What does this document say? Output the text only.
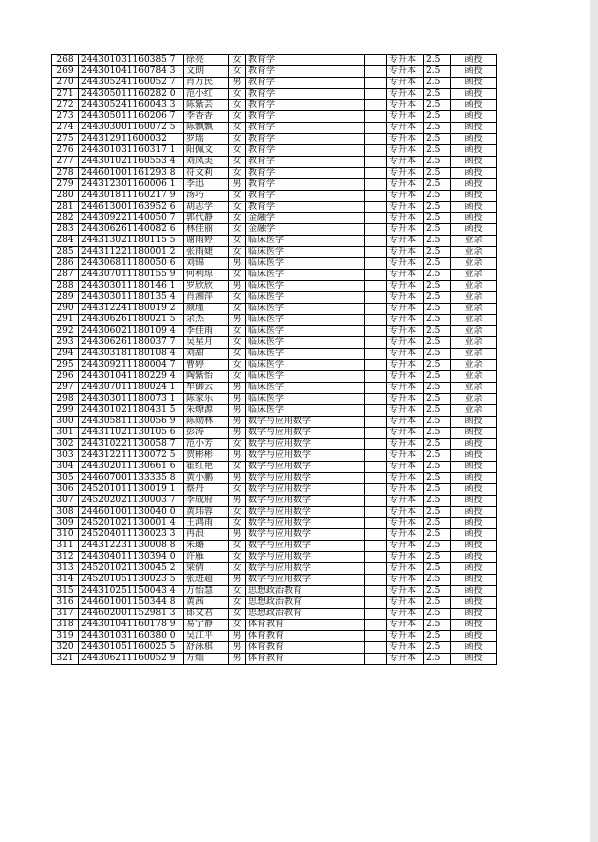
268	244301031160385 7	徐亮	女	教育学		专升本	2.5	函授
269	244301041160784 3	文朗	女	教育学		专升本	2.5	函授
270	244305241160052 7	肖万民	男	教育学		专升本	2.5	函授
271	244305011160282 0	范小红	女	教育学		专升本	2.5	函授
272	244305241160043 3	陈紫芸	女	教育学		专升本	2.5	函授
273	244305011160206 7	李香香	女	教育学		专升本	2.5	函授
274	244303001160072 5	陈飘飘	女	教育学		专升本	2.5	函授
275	244312911600032	罗瑶	女	教育学		专升本	2.5	函授
276	244301031160317 1	阳佩文	女	教育学		专升本	2.5	函授
277	244301021160553 4	刘凤美	女	教育学		专升本	2.5	函授
278	244601001161293 8	符文莉	女	教育学		专升本	2.5	函授
279	244312301160006 1	李迅	男	教育学		专升本	2.5	函授
280	244301811160217 9	汤巧	女	教育学		专升本	2.5	函授
281	244613001163952 6	胡志学	女	教育学		专升本	2.5	函授
282	244309221140050 7	郭代静	女	金融学		专升本	2.5	函授
283	244306261140082 6	林佳丽	女	金融学		专升本	2.5	函授
284	244313021180115 5	谢雨婷	女	临床医学		专升本	2.5	业余
285	244311221180001 2	张雨婕	女	临床医学		专升本	2.5	业余
286	244306811180050 6	刘锦	男	临床医学		专升本	2.5	业余
287	244307011180155 9	何利琼	女	临床医学		专升本	2.5	业余
288	244303011180146 1	罗欣欣	男	临床医学		专升本	2.5	业余
289	244303011180135 4	肖湘萍	女	临床医学		专升本	2.5	业余
290	244312241180019 2	颜瑾	女	临床医学		专升本	2.5	业余
291	244306261180021 5	余杰	男	临床医学		专升本	2.5	业余
292	244306021180109 4	李佳雨	女	临床医学		专升本	2.5	业余
293	244306261180037 7	吴星月	女	临床医学		专升本	2.5	业余
294	244303181180108 4	刘甜	女	临床医学		专升本	2.5	业余
295	244309211180004 7	曹婷	女	临床医学		专升本	2.5	业余
296	244301041180229 4	陶紫怡	女	临床医学		专升本	2.5	业余
297	244307011180024 1	牟御云	男	临床医学		专升本	2.5	业余
298	244303011180073 1	陈家乐	男	临床医学		专升本	2.5	业余
299	244301021180431 5	朱燎源	男	临床医学		专升本	2.5	业余
300	244305811130056 9	陈勋林	男	数学与应用数学		专升本	2.5	函授
301	244311021130105 6	彭涛	男	数学与应用数学		专升本	2.5	函授
302	244310221130058 7	范小芳	女	数学与应用数学		专升本	2.5	函授
303	244312211130072 5	贺彬彬	男	数学与应用数学		专升本	2.5	函授
304	244302011130661 6	霍红艳	女	数学与应用数学		专升本	2.5	函授
305	244607001133335 8	黄小鹏	男	数学与应用数学		专升本	2.5	函授
306	245201011130019 1	蔡丹	女	数学与应用数学		专升本	2.5	函授
307	245202021130003 7	李成府	男	数学与应用数学		专升本	2.5	函授
308	244601001130040 0	黄玮蓉	女	数学与应用数学		专升本	2.5	函授
309	245201021130001 4	王鸿雨	女	数学与应用数学		专升本	2.5	函授
310	245204011130023 3	冉浪	男	数学与应用数学		专升本	2.5	函授
311	244312231130008 8	朱璐	女	数学与应用数学		专升本	2.5	函授
312	244304011130394 0	许雁	女	数学与应用数学		专升本	2.5	函授
313	245201021130045 2	梁倩	女	数学与应用数学		专升本	2.5	函授
314	245201051130023 5	张进超	男	数学与应用数学		专升本	2.5	函授
315	244310251150043 4	万怡慧	女	思想政治教育		专升本	2.5	函授
316	244601001150344 8	黄茜	女	思想政治教育		专升本	2.5	函授
317	244602001152981 3	郎文君	女	思想政治教育		专升本	2.5	函授
318	244301041160178 9	易宁静	女	体育教育		专升本	2.5	函授
319	244301031160380 0	吴江平	男	体育教育		专升本	2.5	函授
320	244301051160025 5	舒泳棋	男	体育教育		专升本	2.5	函授
321	244306211160052 9	方灿	男	体育教育		专升本	2.5	函授
